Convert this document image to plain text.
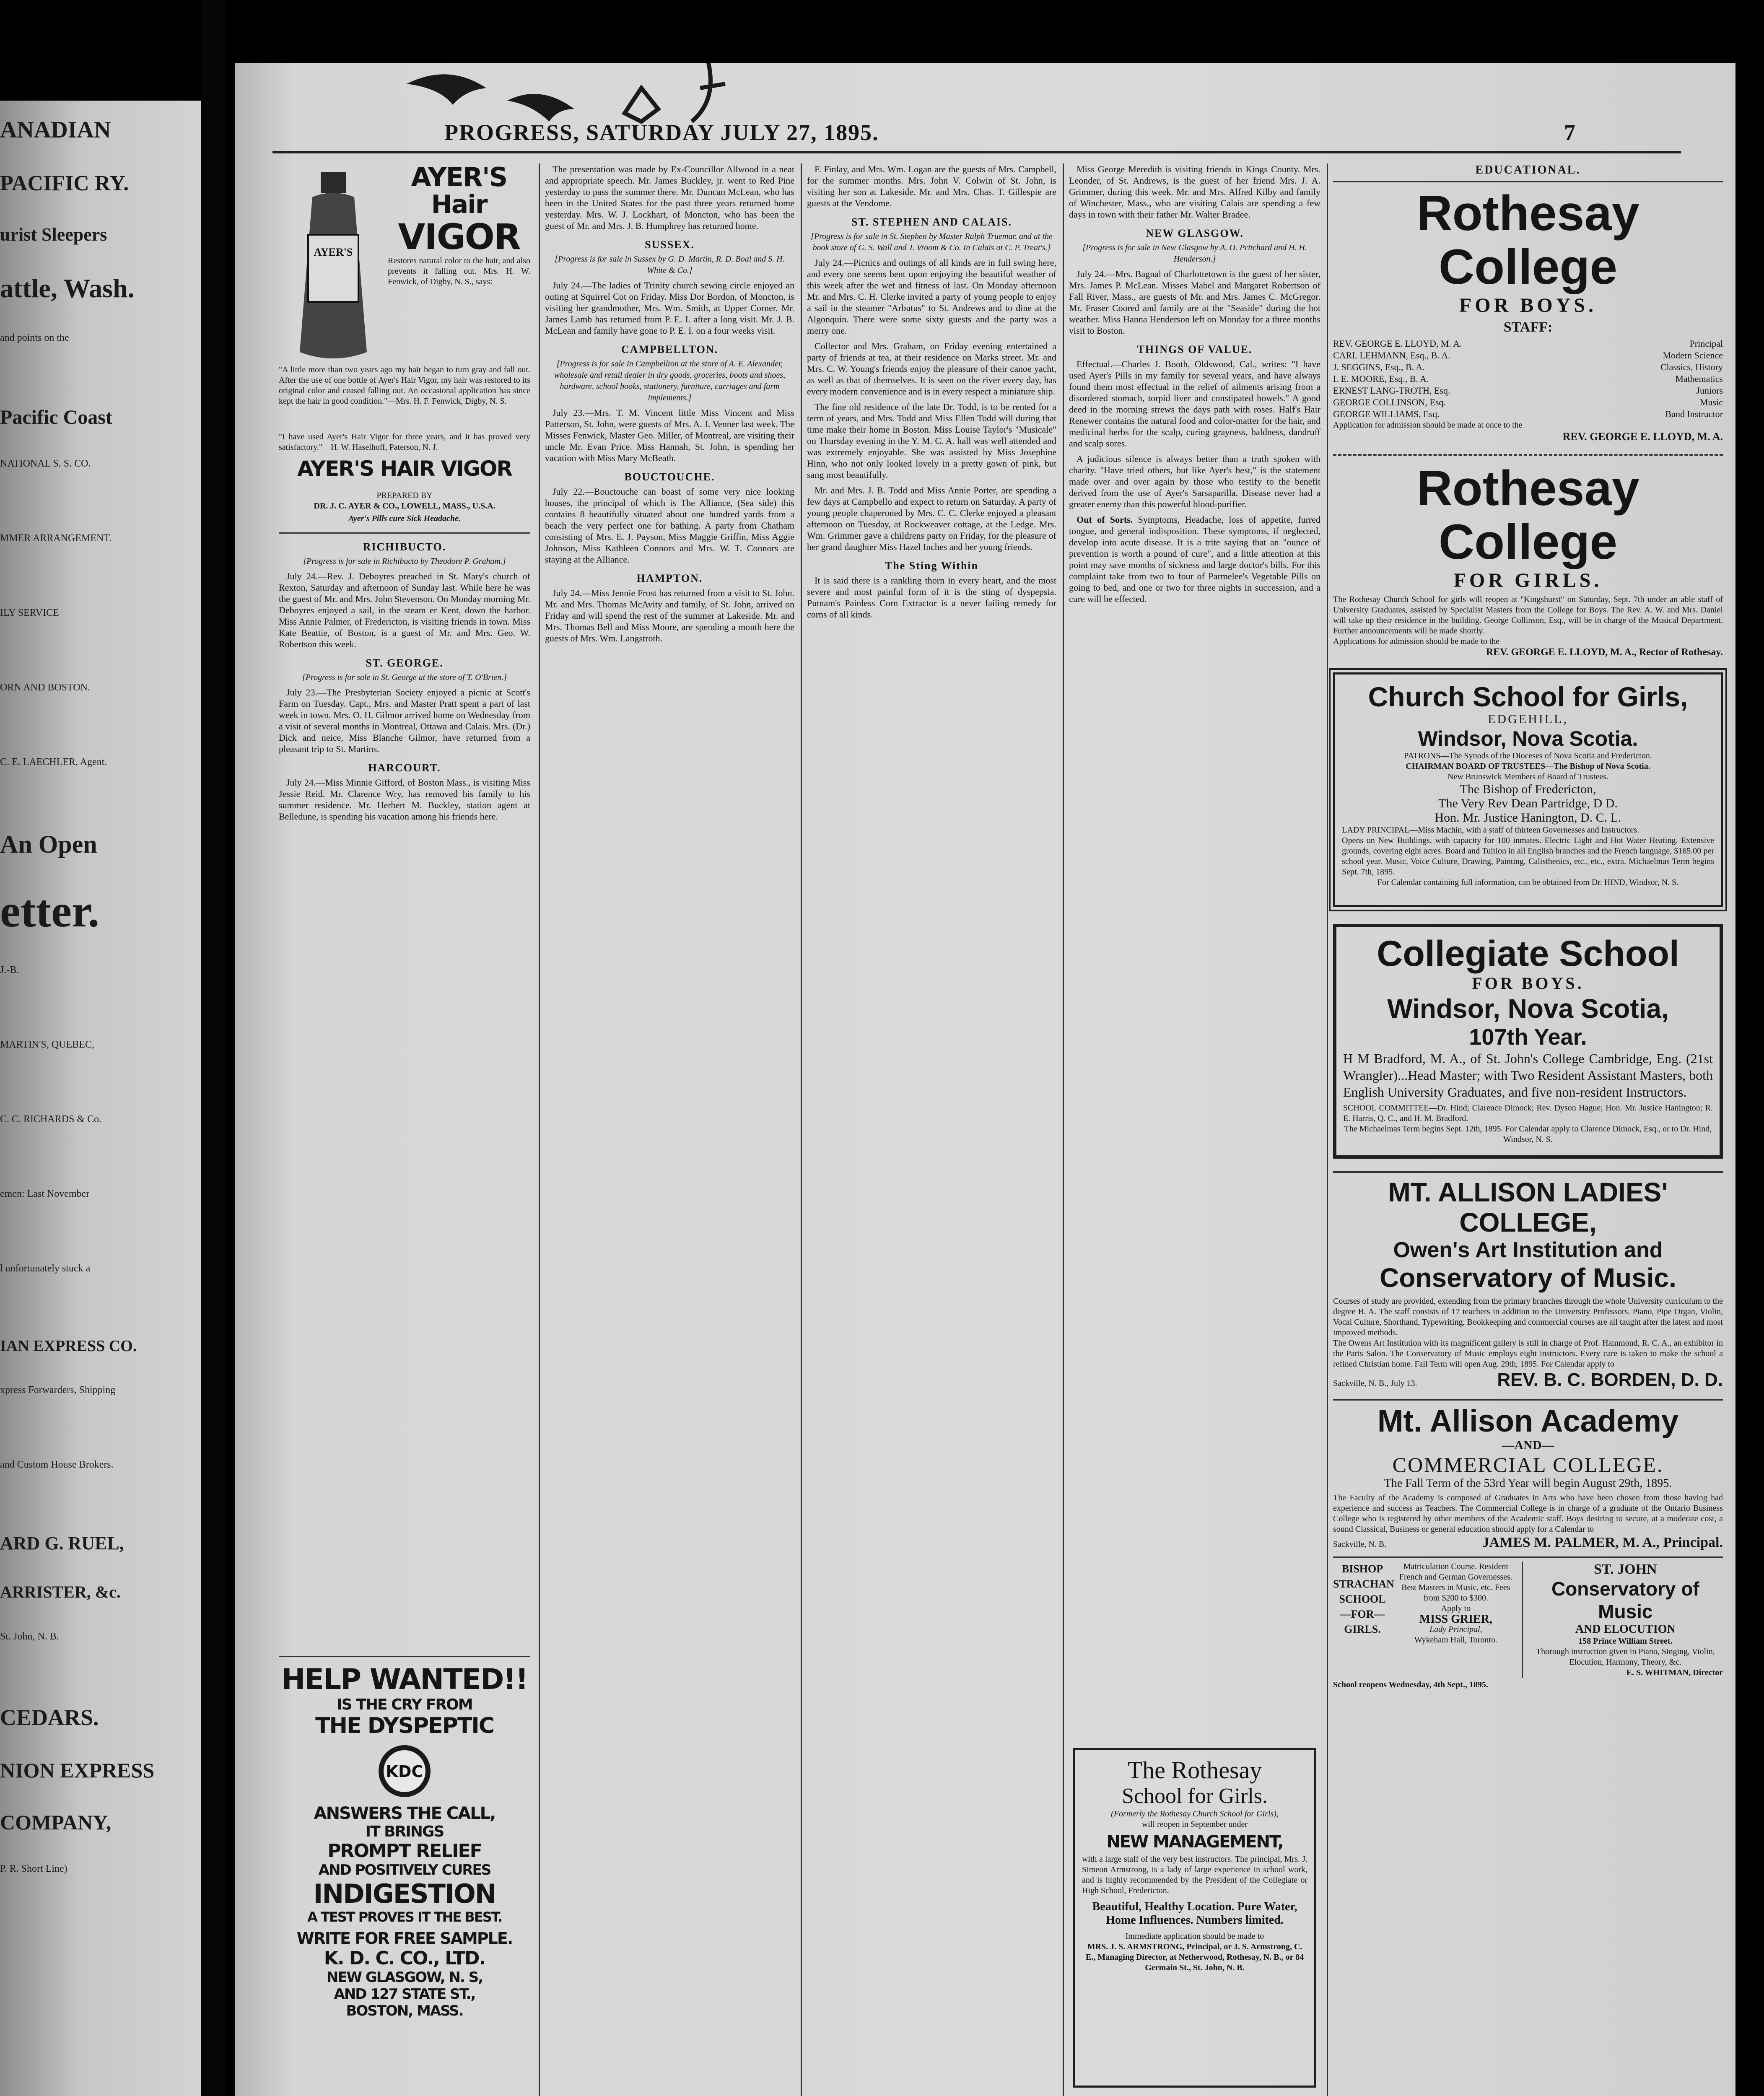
ANADIAN
PACIFIC RY.
urist Sleepers
attle, Wash.
and points on the
Pacific Coast
NATIONAL S. S. CO.
MMER ARRANGEMENT.
ILY SERVICE
ORN AND BOSTON.
C. E. LAECHLER, Agent.
An Open
etter.
J.-B.
MARTIN'S, QUEBEC,
C. C. RICHARDS & Co.
emen: Last November
l unfortunately stuck a
IAN EXPRESS CO.
xpress Forwarders, Shipping
and Custom House Brokers.
ARD G. RUEL,
ARRISTER, &c.
St. John, N. B.
CEDARS.
NION EXPRESS
COMPANY,
P. R. Short Line)
PROGRESS, SATURDAY JULY 27, 1895.	7
AYER'S
AYER'S
Hair
VIGOR
Restores natural color to the hair, and also prevents it falling out. Mrs. H. W. Fenwick, of Digby, N. S., says:
"A little more than two years ago my hair began to turn gray and fall out. After the use of one bottle of Ayer's Hair Vigor, my hair was restored to its original color and ceased falling out. An occasional application has since kept the hair in good condition."—Mrs. H. F. Fenwick, Digby, N. S.
"I have used Ayer's Hair Vigor for three years, and it has proved very satisfactory."—H. W. Haselhoff, Paterson, N. J.
AYER'S HAIR VIGOR
PREPARED BY
DR. J. C. AYER & CO., LOWELL, MASS., U.S.A.
Ayer's Pills cure Sick Headache.
RICHIBUCTO.
[Progress is for sale in Richibucto by Theodore P. Graham.]

July 24.—Rev. J. Deboyres preached in St. Mary's church of Rexton, Saturday and afternoon of Sunday last. While here he was the guest of Mr. and Mrs. John Stevenson. On Monday morning Mr. Deboyres enjoyed a sail, in the steam er Kent, down the harbor. Miss Annie Palmer, of Fredericton, is visiting friends in town. Miss Kate Beattie, of Boston, is a guest of Mr. and Mrs. Geo. W. Robertson this week.

ST. GEORGE.
[Progress is for sale in St. George at the store of T. O'Brien.]

July 23.—The Presbyterian Society enjoyed a picnic at Scott's Farm on Tuesday. Capt., Mrs. and Master Pratt spent a part of last week in town. Mrs. O. H. Gilmor arrived home on Wednesday from a visit of several months in Montreal, Ottawa and Calais. Mrs. (Dr.) Dick and neice, Miss Blanche Gilmor, have returned from a pleasant trip to St. Martins.

HARCOURT.

July 24.—Miss Minnie Gifford, of Boston Mass., is visiting Miss Jessie Reid. Mr. Clarence Wry, has removed his family to his summer residence. Mr. Herbert M. Buckley, station agent at Belledune, is spending his vacation among his friends here.

HELP WANTED!!
IS THE CRY FROM
THE DYSPEPTIC
KDC
ANSWERS THE CALL,
IT BRINGS
PROMPT RELIEF
AND POSITIVELY CURES
INDIGESTION
A TEST PROVES IT THE BEST.
WRITE FOR FREE SAMPLE.
K. D. C. CO., LTD.
NEW GLASGOW, N. S,
AND 127 STATE ST.,
BOSTON, MASS.

The presentation was made by Ex-Councillor Allwood in a neat and appropriate speech. Mr. James Buckley, jr. went to Red Pine yesterday to pass the summer there. Mr. Duncan McLean, who has been in the United States for the past three years returned home yesterday. Mrs. W. J. Lockhart, of Moncton, who has been the guest of Mr. and Mrs. J. B. Humphrey has returned home.

SUSSEX.
[Progress is for sale in Sussex by G. D. Martin, R. D. Boal and S. H. White & Co.]

July 24.—The ladies of Trinity church sewing circle enjoyed an outing at Squirrel Cot on Friday. Miss Dor Bordon, of Moncton, is visiting her grandmother, Mrs. Wm. Smith, at Upper Corner. Mr. James Lamb has returned from P. E. I. after a long visit. Mr. J. B. McLean and family have gone to P. E. I. on a four weeks visit.

CAMPBELLTON.
[Progress is for sale in Campbellton at the store of A. E. Alexander, wholesale and retail dealer in dry goods, groceries, boots and shoes, hardware, school books, stationery, furniture, carriages and farm implements.]

July 23.—Mrs. T. M. Vincent little Miss Vincent and Miss Patterson, St. John, were guests of Mrs. A. J. Venner last week. The Misses Fenwick, Master Geo. Miller, of Montreal, are visiting their uncle Mr. Evan Price. Miss Hannah, St. John, is spending her vacation with Miss Mary McBeath.

BOUCTOUCHE.

July 22.—Bouctouche can boast of some very nice looking houses, the principal of which is The Alliance, (Sea side) this contains 8 beautifully situated about one hundred yards from a beach the very perfect one for bathing. A party from Chatham consisting of Mrs. E. J. Payson, Miss Maggie Griffin, Miss Aggie Johnson, Miss Kathleen Connors and Mrs. W. T. Connors are staying at the Alliance.

HAMPTON.

July 24.—Miss Jennie Frost has returned from a visit to St. John. Mr. and Mrs. Thomas McAvity and family, of St. John, arrived on Friday and will spend the rest of the summer at Lakeside. Mr. and Mrs. Thomas Bell and Miss Moore, are spending a month here the guests of Mrs. Wm. Langstroth.

F. Finlay, and Mrs. Wm. Logan are the guests of Mrs. Campbell, for the summer months. Mrs. John V. Colwin of St. John, is visiting her son at Lakeside. Mr. and Mrs. Chas. T. Gillespie are guests at the Vendome.

ST. STEPHEN AND CALAIS.
[Progress is for sale in St. Stephen by Master Ralph Truemar, and at the book store of G. S. Wall and J. Vroom & Co. In Calais at C. P. Treat's.]

July 24.—Picnics and outings of all kinds are in full swing here, and every one seems bent upon enjoying the beautiful weather of this week after the wet and fitness of last. On Monday afternoon Mr. and Mrs. C. H. Clerke invited a party of young people to enjoy a sail in the steamer "Arbutus" to St. Andrews and to dine at the Algonquin. There were some sixty guests and the party was a merry one.

Collector and Mrs. Graham, on Friday evening entertained a party of friends at tea, at their residence on Marks street. Mr. and Mrs. C. W. Young's friends enjoy the pleasure of their canoe yacht, as well as that of themselves. It is seen on the river every day, has every modern convenience and is in every respect a miniature ship.

The fine old residence of the late Dr. Todd, is to be rented for a term of years, and Mrs. Todd and Miss Ellen Todd will during that time make their home in Boston. Miss Louise Taylor's "Musicale" on Thursday evening in the Y. M. C. A. hall was well attended and was extremely enjoyable. She was assisted by Miss Josephine Hinn, who not only looked lovely in a pretty gown of pink, but sang most beautifully.

Mr. and Mrs. J. B. Todd and Miss Annie Porter, are spending a few days at Campbello and expect to return on Saturday. A party of young people chaperoned by Mrs. C. C. Clerke enjoyed a pleasant afternoon on Tuesday, at Rockweaver cottage, at the Ledge. Mrs. Wm. Grimmer gave a childrens party on Friday, for the pleasure of her grand daughter Miss Hazel Inches and her young friends.

The Sting Within

It is said there is a rankling thorn in every heart, and the most severe and most painful form of it is the sting of dyspepsia. Putnam's Painless Corn Extractor is a never failing remedy for corns of all kinds.

Miss George Meredith is visiting friends in Kings County. Mrs. Leonder, of St. Andrews, is the guest of her friend Mrs. J. A. Grimmer, during this week. Mr. and Mrs. Alfred Kilby and family of Winchester, Mass., who are visiting Calais are spending a few days in town with their father Mr. Walter Bradee.

NEW GLASGOW.
[Progress is for sale in New Glasgow by A. O. Pritchard and H. H. Henderson.]

July 24.—Mrs. Bagnal of Charlottetown is the guest of her sister, Mrs. James P. McLean. Misses Mabel and Margaret Robertson of Fall River, Mass., are guests of Mr. and Mrs. James C. McGregor. Mr. Fraser Coored and family are at the "Seaside" during the hot weather. Miss Hanna Henderson left on Monday for a three months visit to Boston.

THINGS OF VALUE.

Effectual.—Charles J. Booth, Oldswood, Cal., writes: "I have used Ayer's Pills in my family for several years, and have always found them most effectual in the relief of ailments arising from a disordered stomach, torpid liver and constipated bowels." A good deed in the morning strews the days path with roses. Half's Hair Renewer contains the natural food and color-matter for the hair, and medicinal herbs for the scalp, curing grayness, baldness, dandruff and scalp sores.

A judicious silence is always better than a truth spoken with charity. "Have tried others, but like Ayer's best," is the statement made over and over again by those who testify to the benefit derived from the use of Ayer's Sarsaparilla. Disease never had a greater enemy than this powerful blood-purifier.

Out of Sorts. Symptoms, Headache, loss of appetite, furred tongue, and general indisposition. These symptoms, if neglected, develop into acute disease. It is a trite saying that an "ounce of prevention is worth a pound of cure", and a little attention at this point may save months of sickness and large doctor's bills. For this complaint take from two to four of Parmelee's Vegetable Pills on going to bed, and one or two for three nights in succession, and a cure will be effected.

The Rothesay
School for Girls.
(Formerly the Rothesay Church School for Girls),
will reopen in September under
NEW MANAGEMENT,
with a large staff of the very best instructors. The principal, Mrs. J. Simeon Armstrong, is a lady of large experience in school work, and is highly recommended by the President of the Collegiate or High School, Fredericton.
Beautiful, Healthy Location. Pure Water, Home Influences. Numbers limited.
Immediate application should be made to
MRS. J. S. ARMSTRONG, Principal, or J. S. Armstrong, C. E., Managing Director, at Netherwood, Rothesay, N. B., or 84 Germain St., St. John, N. B.
EDUCATIONAL.
Rothesay College
FOR BOYS.
STAFF:
REV. GEORGE E. LLOYD, M. A.	Principal
CARL LEHMANN, Esq., B. A.	Modern Science
J. SEGGINS, Esq., B. A.	Classics, History
I. E. MOORE, Esq., B. A.	Mathematics
ERNEST LANG-TROTH, Esq.	Juniors
GEORGE COLLINSON, Esq.	Music
GEORGE WILLIAMS, Esq.	Band Instructor
Application for admission should be made at once to the
REV. GEORGE E. LLOYD, M. A.
Rothesay College
FOR GIRLS.
The Rothesay Church School for girls will reopen at "Kingshurst" on Saturday, Sept. 7th under an able staff of University Graduates, assisted by Specialist Masters from the College for Boys. The Rev. A. W. and Mrs. Daniel will take up their residence in the building. George Collinson, Esq., will be in charge of the Musical Department. Further announcements will be made shortly.
Applications for admission should be made to the
REV. GEORGE E. LLOYD, M. A., Rector of Rothesay.
Church School for Girls,
EDGEHILL,
Windsor, Nova Scotia.
PATRONS—The Synods of the Dioceses of Nova Scotia and Fredericton.
CHAIRMAN BOARD OF TRUSTEES—The Bishop of Nova Scotia.
New Brunswick Members of Board of Trustees.
The Bishop of Fredericton,
The Very Rev Dean Partridge, D D.
Hon. Mr. Justice Hanington, D. C. L.
LADY PRINCIPAL—Miss Machin, with a staff of thirteen Governesses and Instructors.
Opens on New Buildings, with capacity for 100 inmates. Electric Light and Hot Water Heating. Extensive grounds, covering eight acres. Board and Tuition in all English branches and the French language, $165.00 per school year. Music, Voice Culture, Drawing, Painting, Calisthenics, etc., etc., extra. Michaelmas Term begins Sept. 7th, 1895.
For Calendar containing full information, can be obtained from Dr. HIND, Windsor, N. S.
Collegiate School
FOR BOYS.
Windsor, Nova Scotia,
107th Year.
H M Bradford, M. A., of St. John's College Cambridge, Eng. (21st Wrangler)...Head Master; with Two Resident Assistant Masters, both English University Graduates, and five non-resident Instructors.
SCHOOL COMMITTEE—Dr. Hind; Clarence Dimock; Rev. Dyson Hague; Hon. Mr. Justice Hanington; R. E. Harris, Q. C., and H. M. Bradford.
The Michaelmas Term begins Sept. 12th, 1895. For Calendar apply to Clarence Dimock, Esq., or to Dr. Hind, Windsor, N. S.
MT. ALLISON LADIES' COLLEGE,
Owen's Art Institution and
Conservatory of Music.
Courses of study are provided, extending from the primary branches through the whole University curriculum to the degree B. A. The staff consists of 17 teachers in addition to the University Professors. Piano, Pipe Organ, Violin, Vocal Culture, Shorthand, Typewriting, Bookkeeping and commercial courses are all taught after the latest and most improved methods.
The Owens Art Institution with its magnificent gallery is still in charge of Prof. Hammond, R. C. A., an exhibitor in the Paris Salon. The Conservatory of Music employs eight instructors. Every care is taken to make the school a refined Christian home. Fall Term will open Aug. 29th, 1895. For Calendar apply to
Sackville, N. B., July 13.	REV. B. C. BORDEN, D. D.
Mt. Allison Academy
—AND—
COMMERCIAL COLLEGE.
The Fall Term of the 53rd Year will begin August 29th, 1895.
The Faculty of the Academy is composed of Graduates in Arts who have been chosen from those having had experience and success as Teachers. The Commercial College is in charge of a graduate of the Ontario Business College who is registered by other members of the Academic staff. Boys desiring to secure, at a moderate cost, a sound Classical, Business or general education should apply for a Calendar to
Sackville, N. B.	JAMES M. PALMER, M. A., Principal.
BISHOP
STRACHAN
SCHOOL
—FOR—
GIRLS.
Matriculation Course. Resident French and German Governesses. Best Masters in Music, etc. Fees from $200 to $300.
Apply to
MISS GRIER,
Lady Principal,
Wykeham Hall, Toronto.
ST. JOHN
Conservatory of Music
AND ELOCUTION
158 Prince William Street.
Thorough instruction given in Piano, Singing, Violin, Elocution, Harmony, Theory, &c.
E. S. WHITMAN, Director
School reopens Wednesday, 4th Sept., 1895.
